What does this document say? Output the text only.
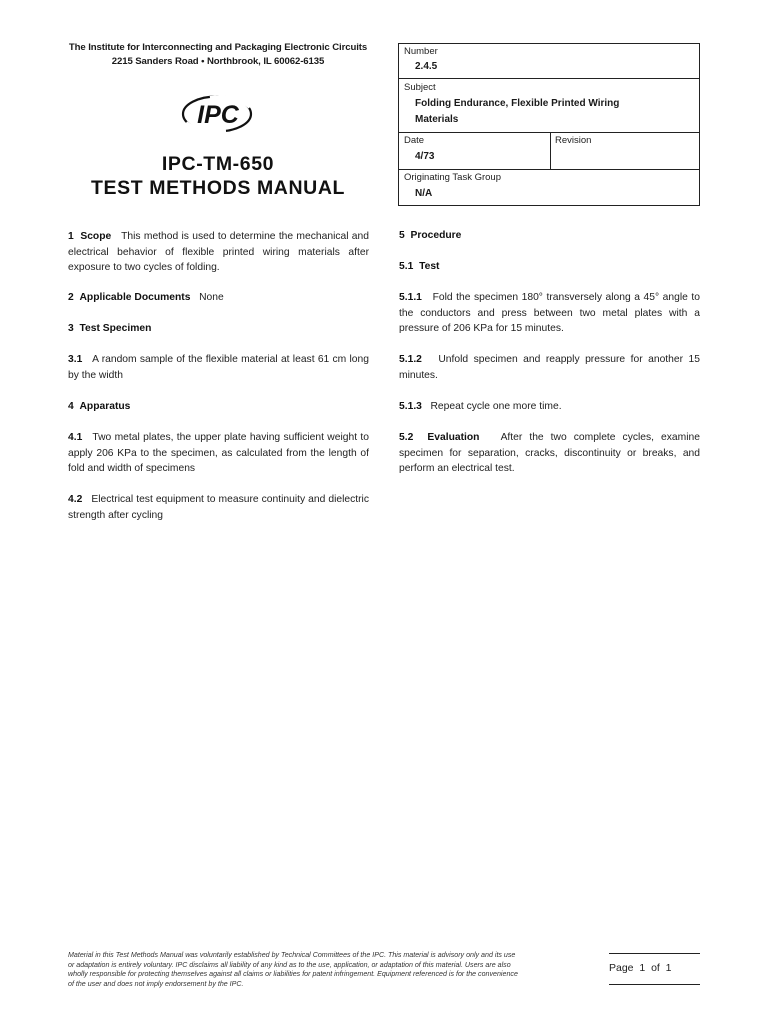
The Institute for Interconnecting and Packaging Electronic Circuits
2215 Sanders Road • Northbrook, IL 60062-6135
IPC
IPC-TM-650
TEST METHODS MANUAL
Number
2.4.5
Subject
Folding Endurance, Flexible Printed Wiring Materials
Date
4/73
Revision
Originating Task Group
N/A
1 Scope This method is used to determine the mechanical and electrical behavior of flexible printed wiring materials after exposure to two cycles of folding.
2 Applicable Documents None
3 Test Specimen
3.1 A random sample of the flexible material at least 61 cm long by the width
4 Apparatus
4.1 Two metal plates, the upper plate having sufficient weight to apply 206 KPa to the specimen, as calculated from the length of fold and width of specimens
4.2 Electrical test equipment to measure continuity and dielectric strength after cycling
5 Procedure
5.1 Test
5.1.1 Fold the specimen 180° transversely along a 45° angle to the conductors and press between two metal plates with a pressure of 206 KPa for 15 minutes.
5.1.2 Unfold specimen and reapply pressure for another 15 minutes.
5.1.3 Repeat cycle one more time.
5.2 Evaluation After the two complete cycles, examine specimen for separation, cracks, discontinuity or breaks, and perform an electrical test.
Material in this Test Methods Manual was voluntarily established by Technical Committees of the IPC. This material is advisory only and its use or adaptation is entirely voluntary. IPC disclaims all liability of any kind as to the use, application, or adaptation of this material. Users are also wholly responsible for protecting themselves against all claims or liabilities for patent infringement. Equipment referenced is for the convenience of the user and does not imply endorsement by the IPC.
Page 1 of 1
